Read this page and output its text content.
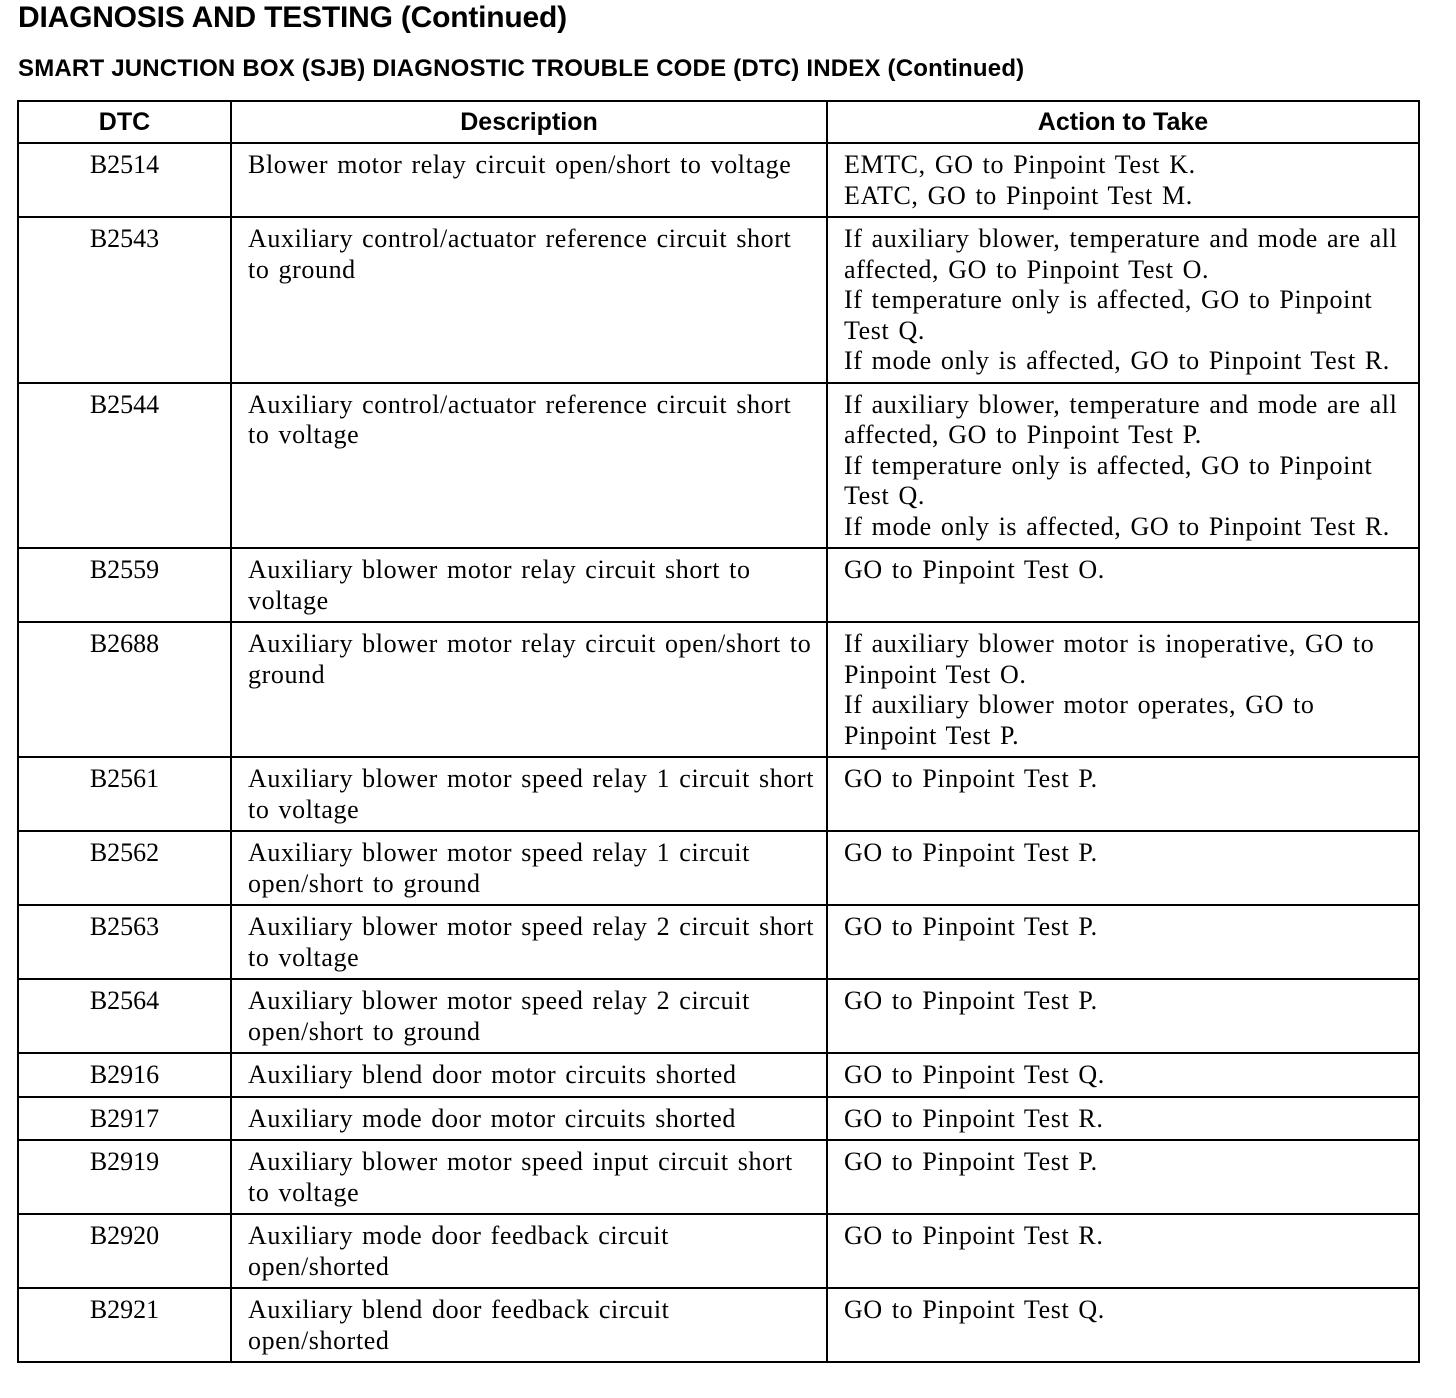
DIAGNOSIS AND TESTING (Continued)
SMART JUNCTION BOX (SJB) DIAGNOSTIC TROUBLE CODE (DTC) INDEX (Continued)
DTC	Description	Action to Take
B2514	Blower motor relay circuit open/short to voltage	EMTC, GO to Pinpoint Test K.
EATC, GO to Pinpoint Test M.
B2543	Auxiliary control/actuator reference circuit short to ground	If auxiliary blower, temperature and mode are all affected, GO to Pinpoint Test O.
If temperature only is affected, GO to Pinpoint Test Q.
If mode only is affected, GO to Pinpoint Test R.
B2544	Auxiliary control/actuator reference circuit short to voltage	If auxiliary blower, temperature and mode are all affected, GO to Pinpoint Test P.
If temperature only is affected, GO to Pinpoint Test Q.
If mode only is affected, GO to Pinpoint Test R.
B2559	Auxiliary blower motor relay circuit short to voltage	GO to Pinpoint Test O.
B2688	Auxiliary blower motor relay circuit open/short to ground	If auxiliary blower motor is inoperative, GO to Pinpoint Test O.
If auxiliary blower motor operates, GO to Pinpoint Test P.
B2561	Auxiliary blower motor speed relay 1 circuit short to voltage	GO to Pinpoint Test P.
B2562	Auxiliary blower motor speed relay 1 circuit open/short to ground	GO to Pinpoint Test P.
B2563	Auxiliary blower motor speed relay 2 circuit short to voltage	GO to Pinpoint Test P.
B2564	Auxiliary blower motor speed relay 2 circuit open/short to ground	GO to Pinpoint Test P.
B2916	Auxiliary blend door motor circuits shorted	GO to Pinpoint Test Q.
B2917	Auxiliary mode door motor circuits shorted	GO to Pinpoint Test R.
B2919	Auxiliary blower motor speed input circuit short to voltage	GO to Pinpoint Test P.
B2920	Auxiliary mode door feedback circuit open/shorted	GO to Pinpoint Test R.
B2921	Auxiliary blend door feedback circuit open/shorted	GO to Pinpoint Test Q.
